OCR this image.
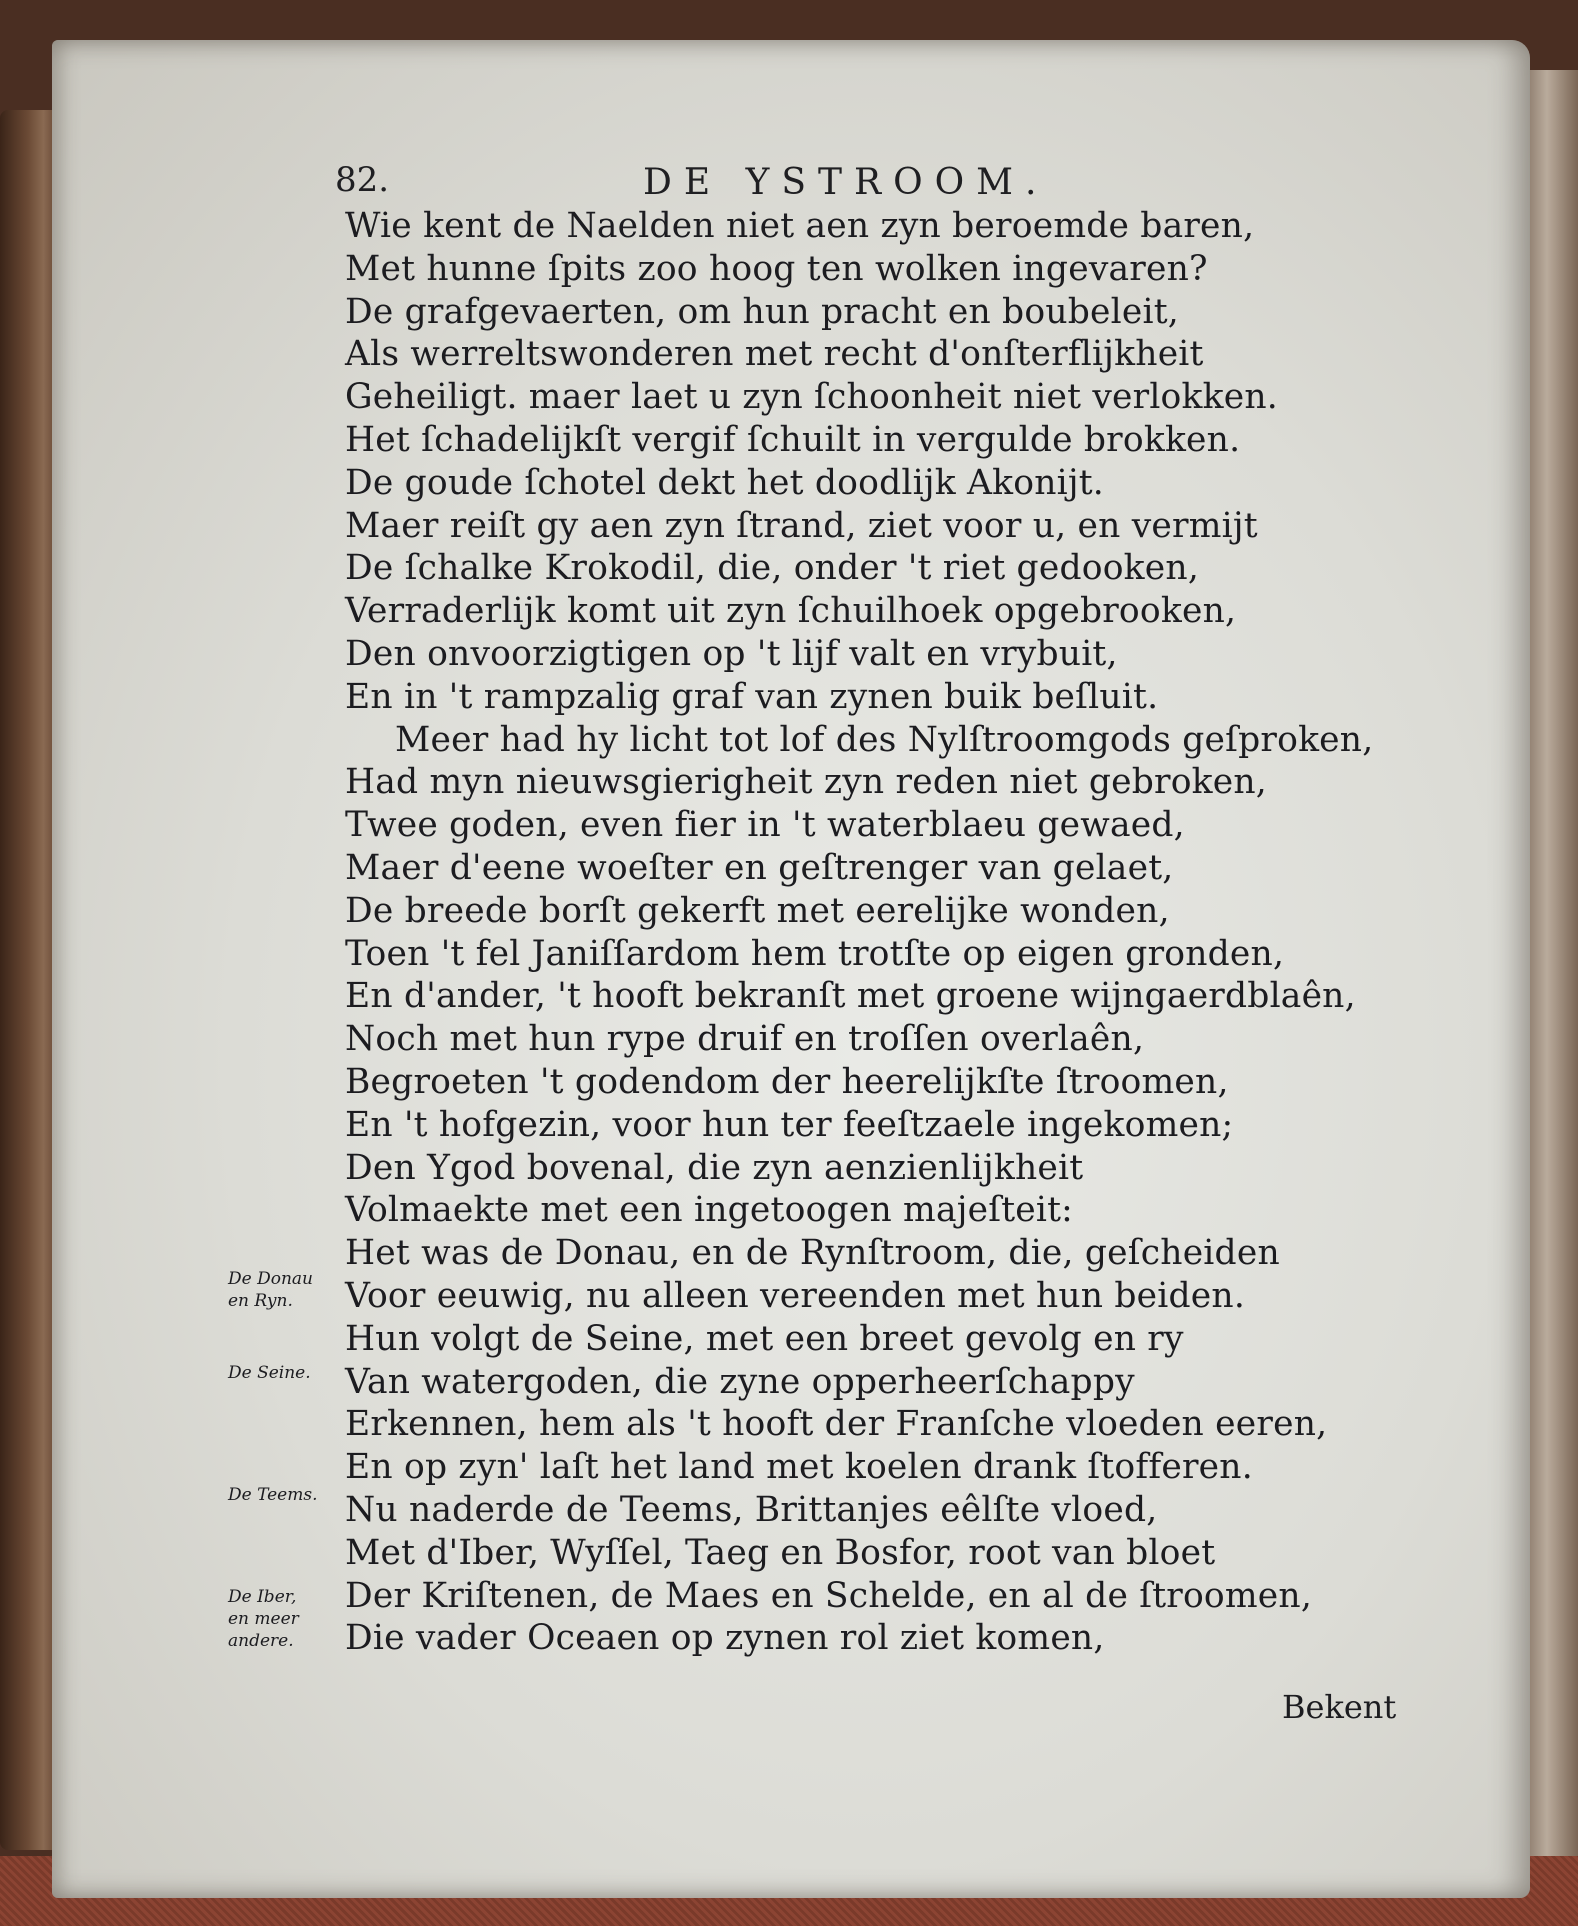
82.	DE YSTROOM.
Wie kent de Naelden niet aen zyn beroemde baren,
Met hunne ſpits zoo hoog ten wolken ingevaren?
De grafgevaerten, om hun pracht en boubeleit,
Als werreltswonderen met recht d'onſterflijkheit
Geheiligt. maer laet u zyn ſchoonheit niet verlokken.
Het ſchadelijkſt vergif ſchuilt in vergulde brokken.
De goude ſchotel dekt het doodlijk Akonijt.
Maer reiſt gy aen zyn ſtrand, ziet voor u, en vermijt
De ſchalke Krokodil, die, onder 't riet gedooken,
Verraderlijk komt uit zyn ſchuilhoek opgebrooken,
Den onvoorzigtigen op 't lijf valt en vrybuit,
En in 't rampzalig graf van zynen buik beſluit.
Meer had hy licht tot lof des Nylſtroomgods geſproken,
Had myn nieuwsgierigheit zyn reden niet gebroken,
Twee goden, even fier in 't waterblaeu gewaed,
Maer d'eene woeſter en geſtrenger van gelaet,
De breede borſt gekerft met eerelijke wonden,
Toen 't fel Janiſſardom hem trotſte op eigen gronden,
En d'ander, 't hooft bekranſt met groene wijngaerdblaên,
Noch met hun rype druif en troſſen overlaên,
Begroeten 't godendom der heerelijkſte ſtroomen,
En 't hofgezin, voor hun ter feeſtzaele ingekomen;
Den Ygod bovenal, die zyn aenzienlijkheit
Volmaekte met een ingetoogen majeſteit:
Het was de Donau, en de Rynſtroom, die, geſcheiden
Voor eeuwig, nu alleen vereenden met hun beiden.
Hun volgt de Seine, met een breet gevolg en ry
Van watergoden, die zyne opperheerſchappy
Erkennen, hem als 't hooft der Franſche vloeden eeren,
En op zyn' laſt het land met koelen drank ſtofferen.
Nu naderde de Teems, Brittanjes eêlſte vloed,
Met d'Iber, Wyſſel, Taeg en Bosfor, root van bloet
Der Kriſtenen, de Maes en Schelde, en al de ſtroomen,
Die vader Oceaen op zynen rol ziet komen,
De Donau en Ryn.
De Seine.
De Teems.
De Iber, en meer andere.
Bekent
